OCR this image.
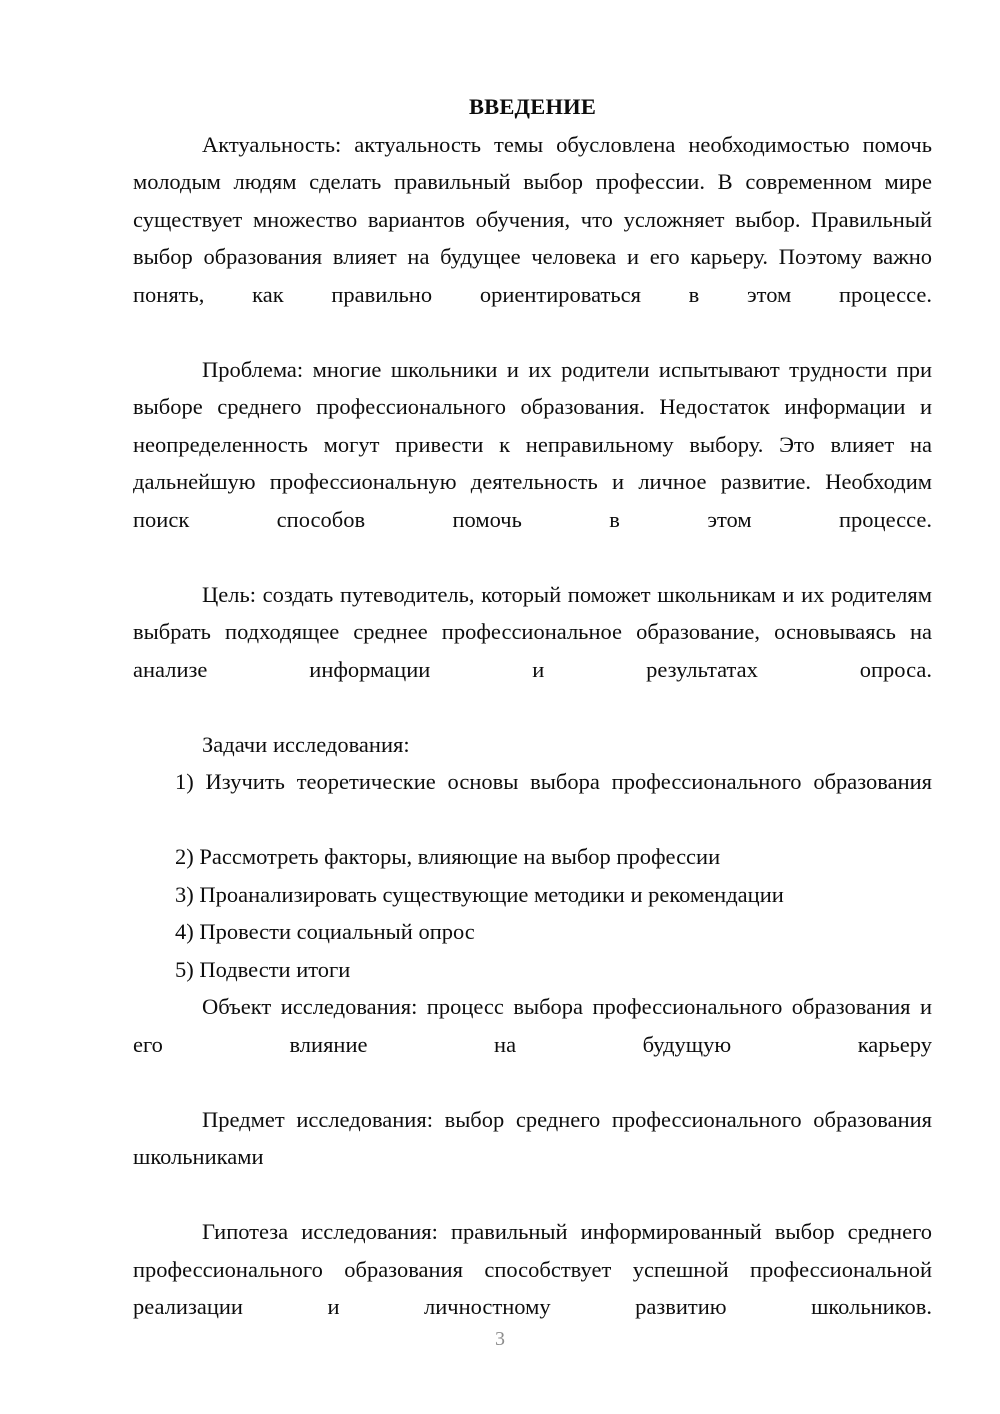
ВВЕДЕНИЕ

Актуальность: актуальность темы обусловлена необходимостью помочь молодым людям сделать правильный выбор профессии. В современном мире существует множество вариантов обучения, что усложняет выбор. Правильный выбор образования влияет на будущее человека и его карьеру. Поэтому важно понять, как правильно ориентироваться в этом процессе.

Проблема: многие школьники и их родители испытывают трудности при выборе среднего профессионального образования. Недостаток информации и неопределенность могут привести к неправильному выбору. Это влияет на дальнейшую профессиональную деятельность и личное развитие. Необходим поиск способов помочь в этом процессе.

Цель: создать путеводитель, который поможет школьникам и их родителям выбрать подходящее среднее профессиональное образование, основываясь на анализе информации и результатах опроса.

Задачи исследования:

1) Изучить теоретические основы выбора профессионального образования

2) Рассмотреть факторы, влияющие на выбор профессии

3) Проанализировать существующие методики и рекомендации

4) Провести социальный опрос

5) Подвести итоги

Объект исследования: процесс выбора профессионального образования и его влияние на будущую карьеру

Предмет исследования: выбор среднего профессионального образования школьниками

Гипотеза исследования: правильный информированный выбор среднего профессионального образования способствует успешной профессиональной реализации и личностному развитию школьников.

3
